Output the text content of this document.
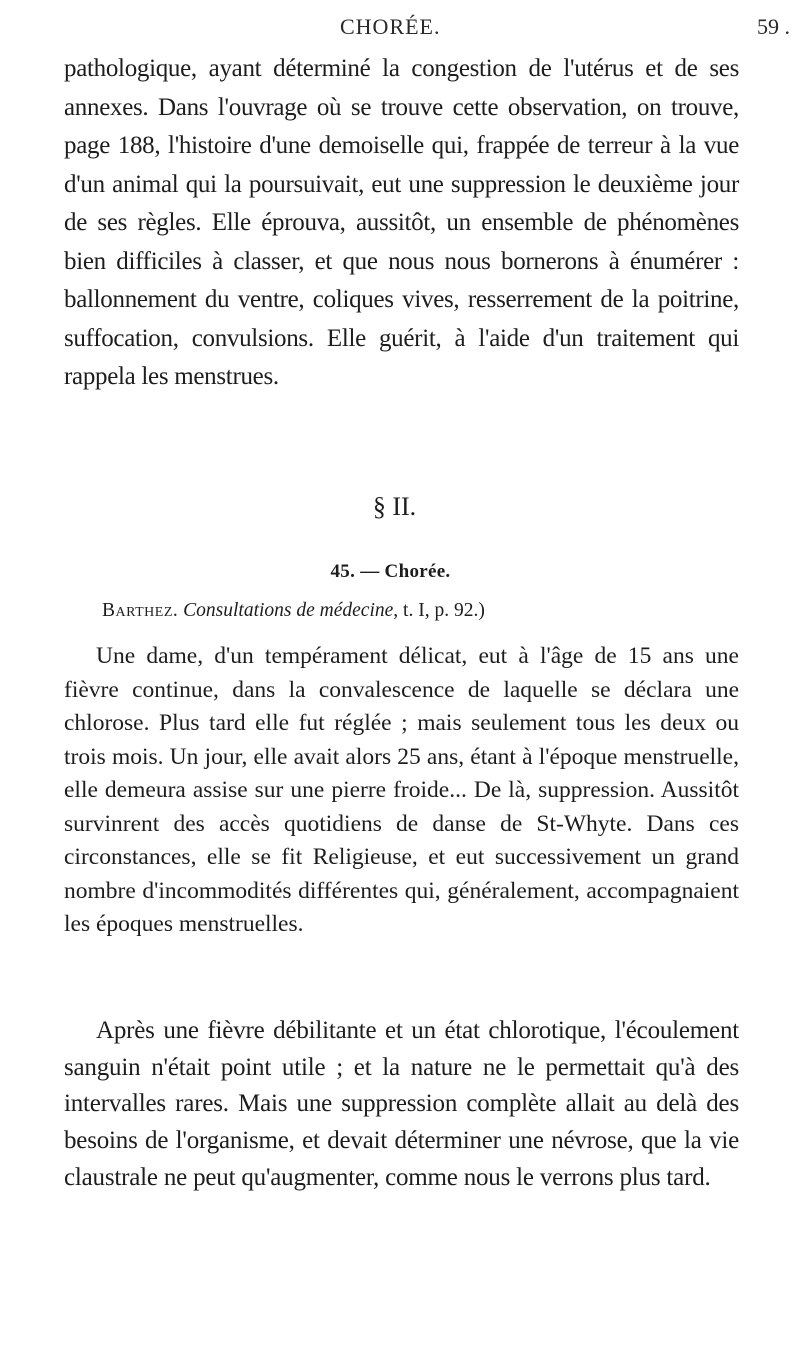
CHORÉE.	59 .

pathologique, ayant déterminé la congestion de l'utérus et de ses annexes. Dans l'ouvrage où se trouve cette observation, on trouve, page 188, l'histoire d'une demoiselle qui, frappée de terreur à la vue d'un animal qui la poursuivait, eut une suppression le deuxième jour de ses règles. Elle éprouva, aussitôt, un ensemble de phénomènes bien difficiles à classer, et que nous nous bornerons à énumérer : ballonnement du ventre, coliques vives, resserrement de la poitrine, suffocation, convulsions. Elle guérit, à l'aide d'un traitement qui rappela les menstrues.

§ II.
45. — Chorée.
Barthez. Consultations de médecine, t. I, p. 92.)

Une dame, d'un tempérament délicat, eut à l'âge de 15 ans une fièvre continue, dans la convalescence de laquelle se déclara une chlorose. Plus tard elle fut réglée ; mais seulement tous les deux ou trois mois. Un jour, elle avait alors 25 ans, étant à l'époque menstruelle, elle demeura assise sur une pierre froide... De là, suppression. Aussitôt survinrent des accès quotidiens de danse de St-Whyte. Dans ces circonstances, elle se fit Religieuse, et eut successivement un grand nombre d'incommodités différentes qui, généralement, accompagnaient les époques menstruelles.

Après une fièvre débilitante et un état chlorotique, l'écoulement sanguin n'était point utile ; et la nature ne le permettait qu'à des intervalles rares. Mais une suppression complète allait au delà des besoins de l'organisme, et devait déterminer une névrose, que la vie claustrale ne peut qu'augmenter, comme nous le verrons plus tard.
